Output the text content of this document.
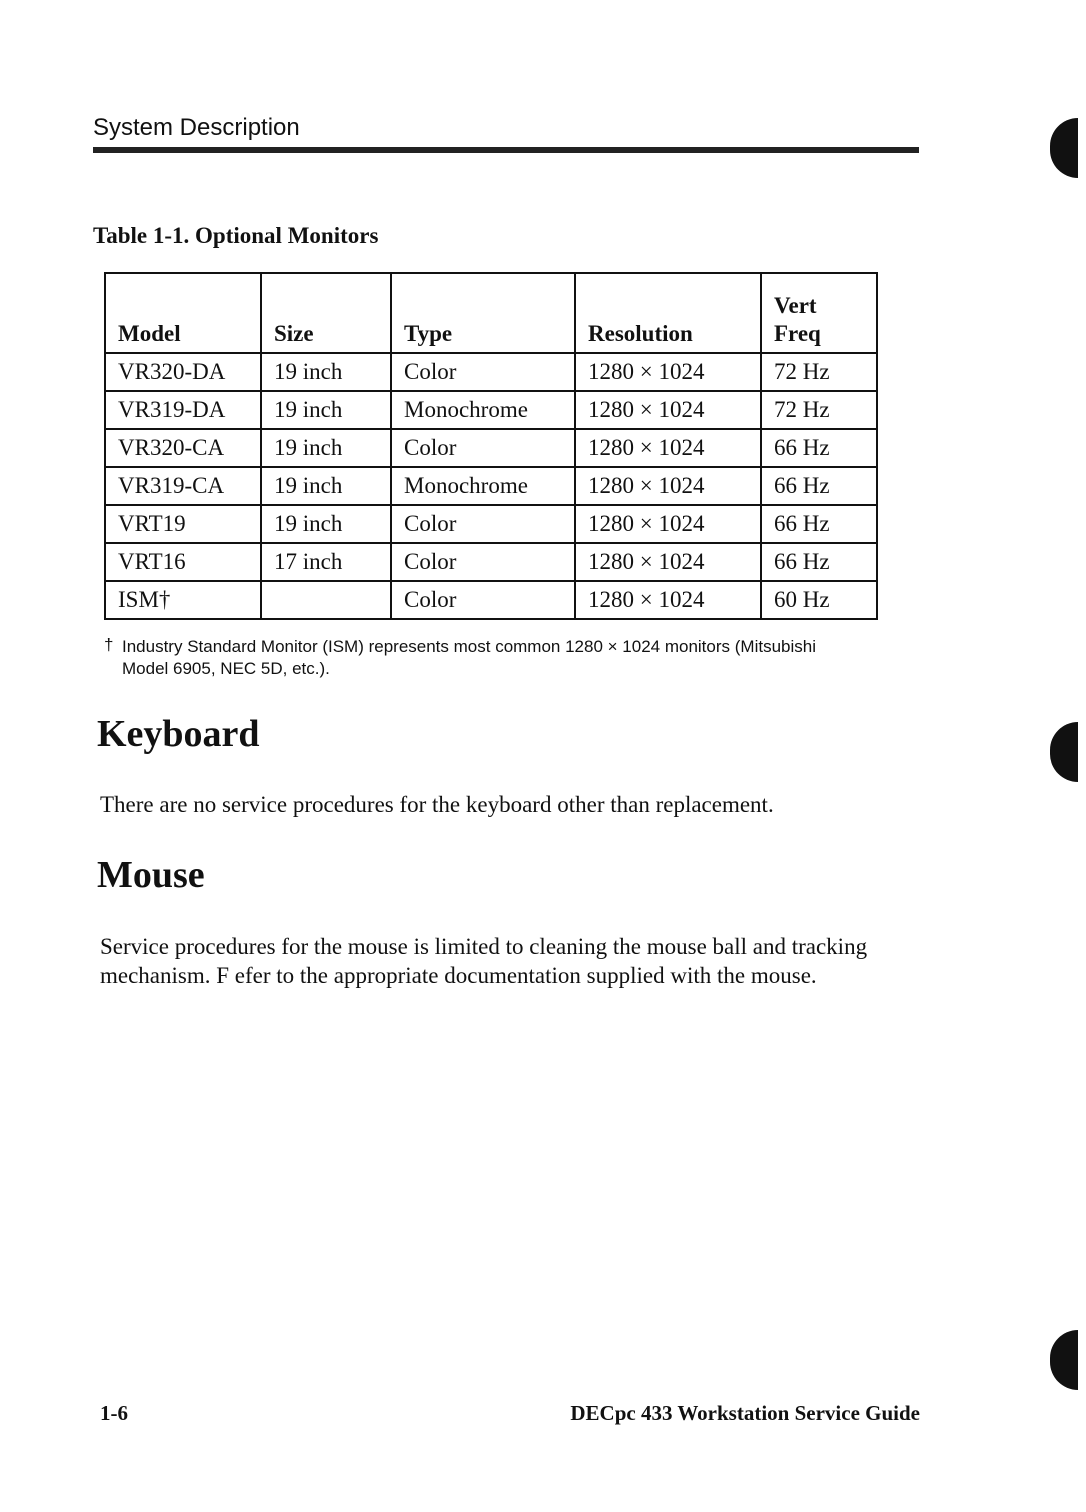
System Description
Table 1-1. Optional Monitors
Model	Size	Type	Resolution	Vert
Freq

VR320-DA	19 inch	Color	1280 × 1024	72 Hz
VR319-DA	19 inch	Monochrome	1280 × 1024	72 Hz
VR320-CA	19 inch	Color	1280 × 1024	66 Hz
VR319-CA	19 inch	Monochrome	1280 × 1024	66 Hz
VRT19	19 inch	Color	1280 × 1024	66 Hz
VRT16	17 inch	Color	1280 × 1024	66 Hz
ISM†		Color	1280 × 1024	60 Hz
† Industry Standard Monitor (ISM) represents most common 1280 × 1024 monitors (Mitsubishi Model 6905, NEC 5D, etc.).
Keyboard
There are no service procedures for the keyboard other than replacement.
Mouse
Service procedures for the mouse is limited to cleaning the mouse ball and tracking mechanism. F efer to the appropriate documentation supplied with the mouse.
1-6	DECpc 433 Workstation Service Guide
